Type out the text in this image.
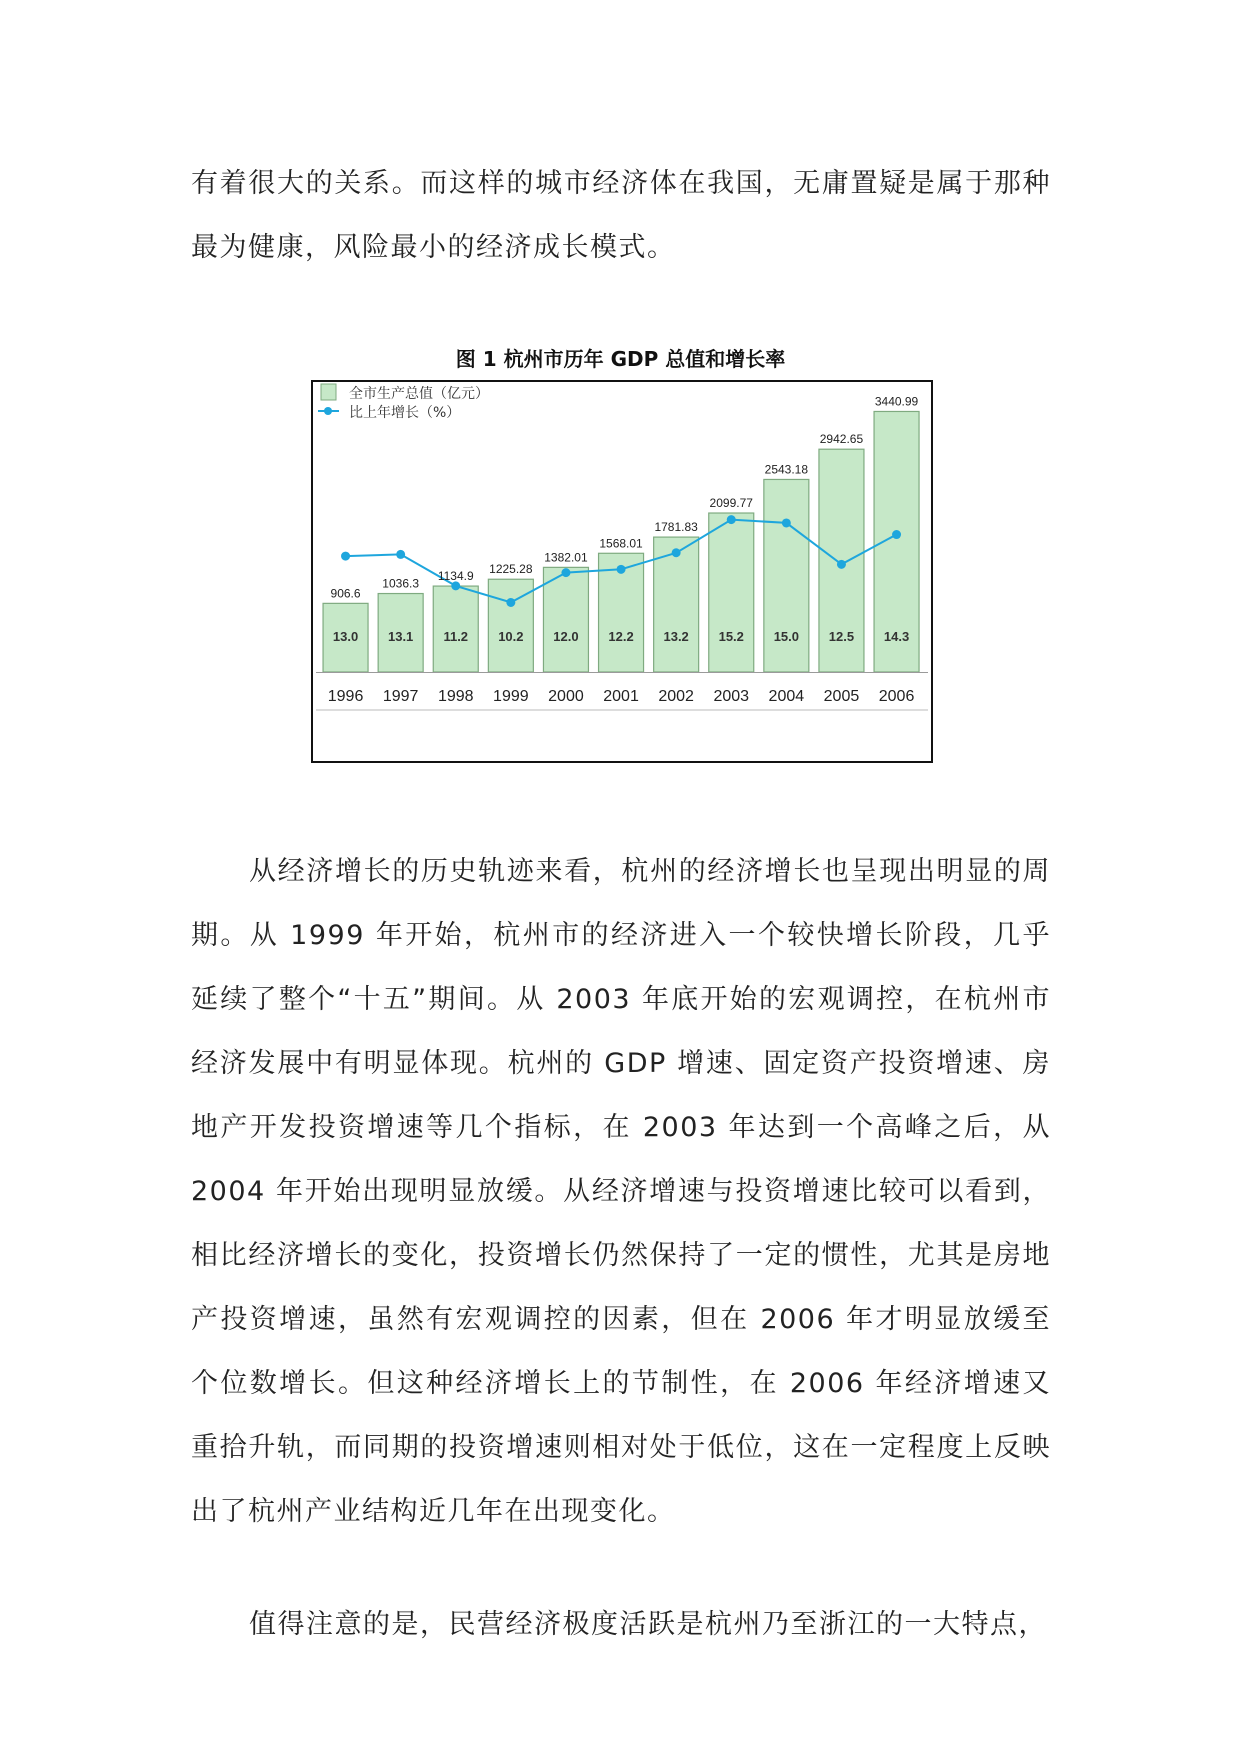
有着很大的关系。而这样的城市经济体在我国，无庸置疑是属于那种最为健康，风险最小的经济成长模式。

图 1 杭州市历年 GDP 总值和增长率
906.6
13.0
1036.3
13.1
1134.9
11.2
1225.28
10.2
1382.01
12.0
1568.01
12.2
1781.83
13.2
2099.77
15.2
2543.18
15.0
2942.65
12.5
3440.99
14.3
1996 1997 1998 1999 2000 2001 2002 2003 2004 2005 2006
全市生产总值（亿元）
比上年增长（%）

从经济增长的历史轨迹来看，杭州的经济增长也呈现出明显的周期。从 1999 年开始，杭州市的经济进入一个较快增长阶段，几乎延续了整个“十五”期间。从 2003 年底开始的宏观调控，在杭州市经济发展中有明显体现。杭州的 GDP 增速、固定资产投资增速、房地产开发投资增速等几个指标，在 2003 年达到一个高峰之后，从 2004 年开始出现明显放缓。从经济增速与投资增速比较可以看到，相比经济增长的变化，投资增长仍然保持了一定的惯性，尤其是房地产投资增速，虽然有宏观调控的因素，但在 2006 年才明显放缓至个位数增长。但这种经济增长上的节制性，在 2006 年经济增速又重拾升轨，而同期的投资增速则相对处于低位，这在一定程度上反映出了杭州产业结构近几年在出现变化。

值得注意的是，民营经济极度活跃是杭州乃至浙江的一大特点，
